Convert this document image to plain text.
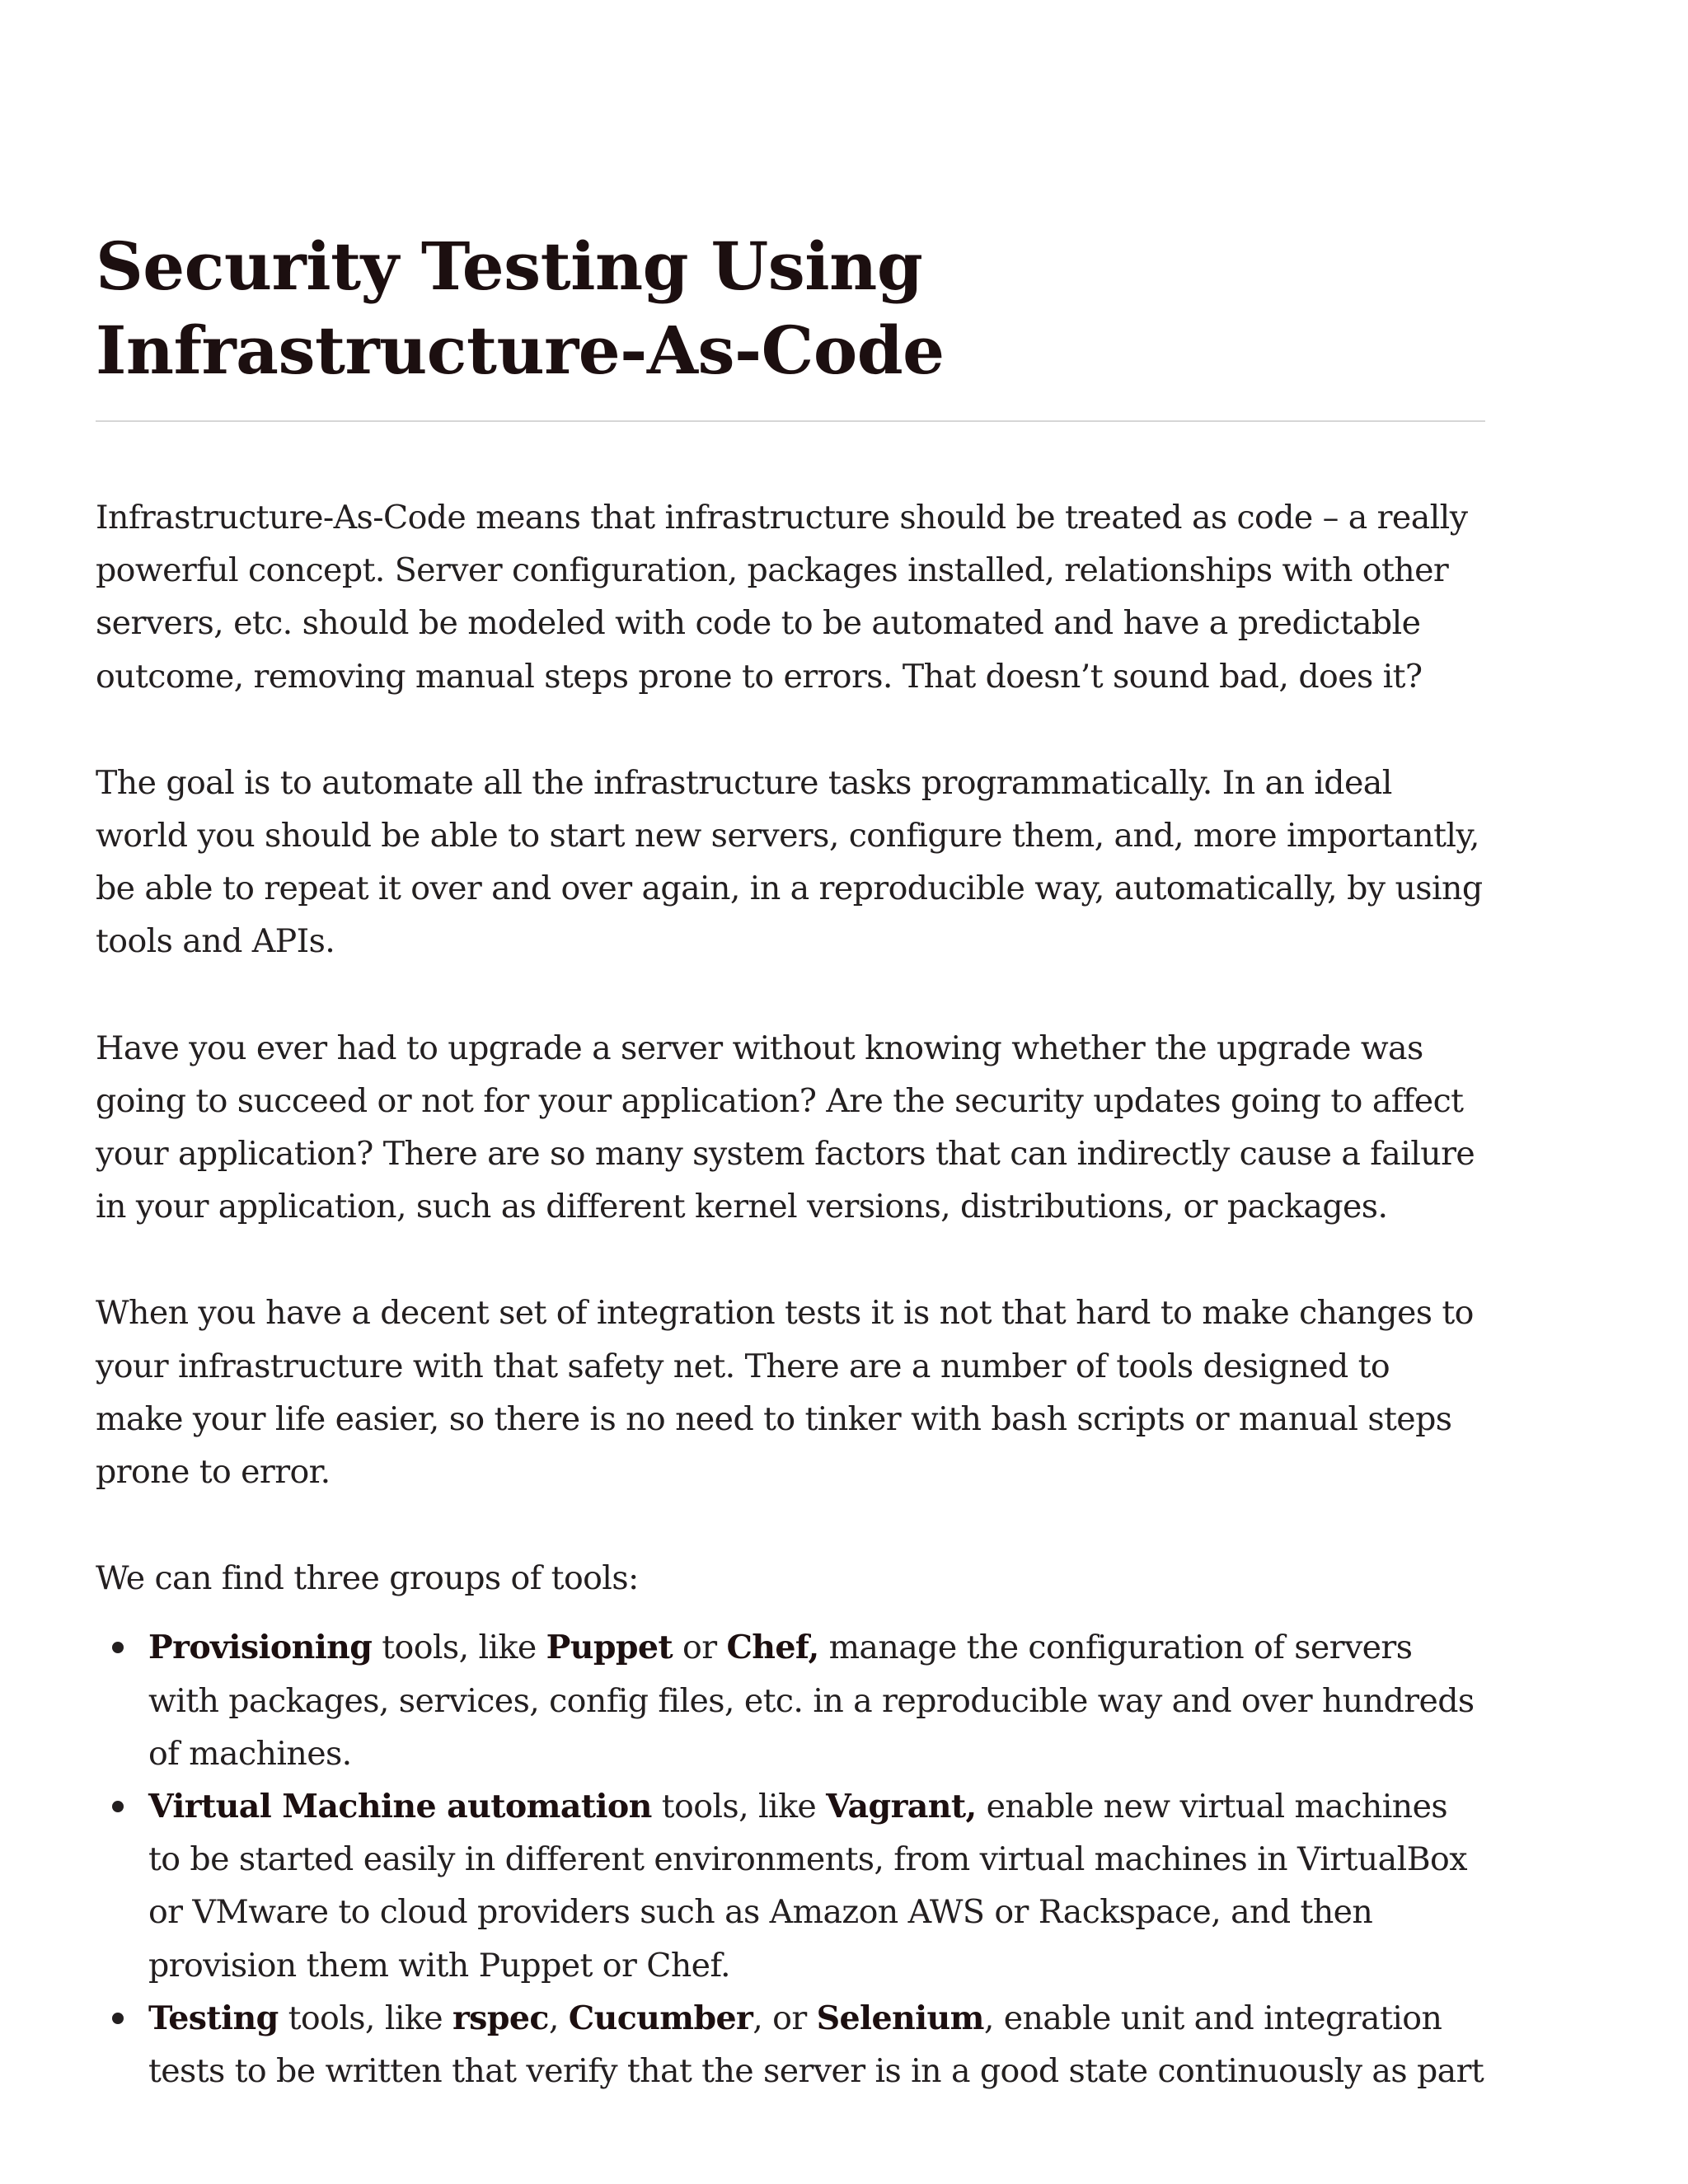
Security Testing Using Infrastructure-As-Code

Infrastructure-As-Code means that infrastructure should be treated as code – a really powerful concept. Server configuration, packages installed, relationships with other servers, etc. should be modeled with code to be automated and have a predictable outcome, removing manual steps prone to errors. That doesn’t sound bad, does it?

The goal is to automate all the infrastructure tasks programmatically. In an ideal world you should be able to start new servers, configure them, and, more importantly, be able to repeat it over and over again, in a reproducible way, automatically, by using tools and APIs.

Have you ever had to upgrade a server without knowing whether the upgrade was going to succeed or not for your application? Are the security updates going to affect your application? There are so many system factors that can indirectly cause a failure in your application, such as different kernel versions, distributions, or packages.

When you have a decent set of integration tests it is not that hard to make changes to your infrastructure with that safety net. There are a number of tools designed to make your life easier, so there is no need to tinker with bash scripts or manual steps prone to error.

We can find three groups of tools:

Provisioning tools, like Puppet or Chef, manage the configuration of servers with packages, services, config files, etc. in a reproducible way and over hundreds of machines.
Virtual Machine automation tools, like Vagrant, enable new virtual machines to be started easily in different environments, from virtual machines in VirtualBox or VMware to cloud providers such as Amazon AWS or Rackspace, and then provision them with Puppet or Chef.
Testing tools, like rspec, Cucumber, or Selenium, enable unit and integration tests to be written that verify that the server is in a good state continuously as part
